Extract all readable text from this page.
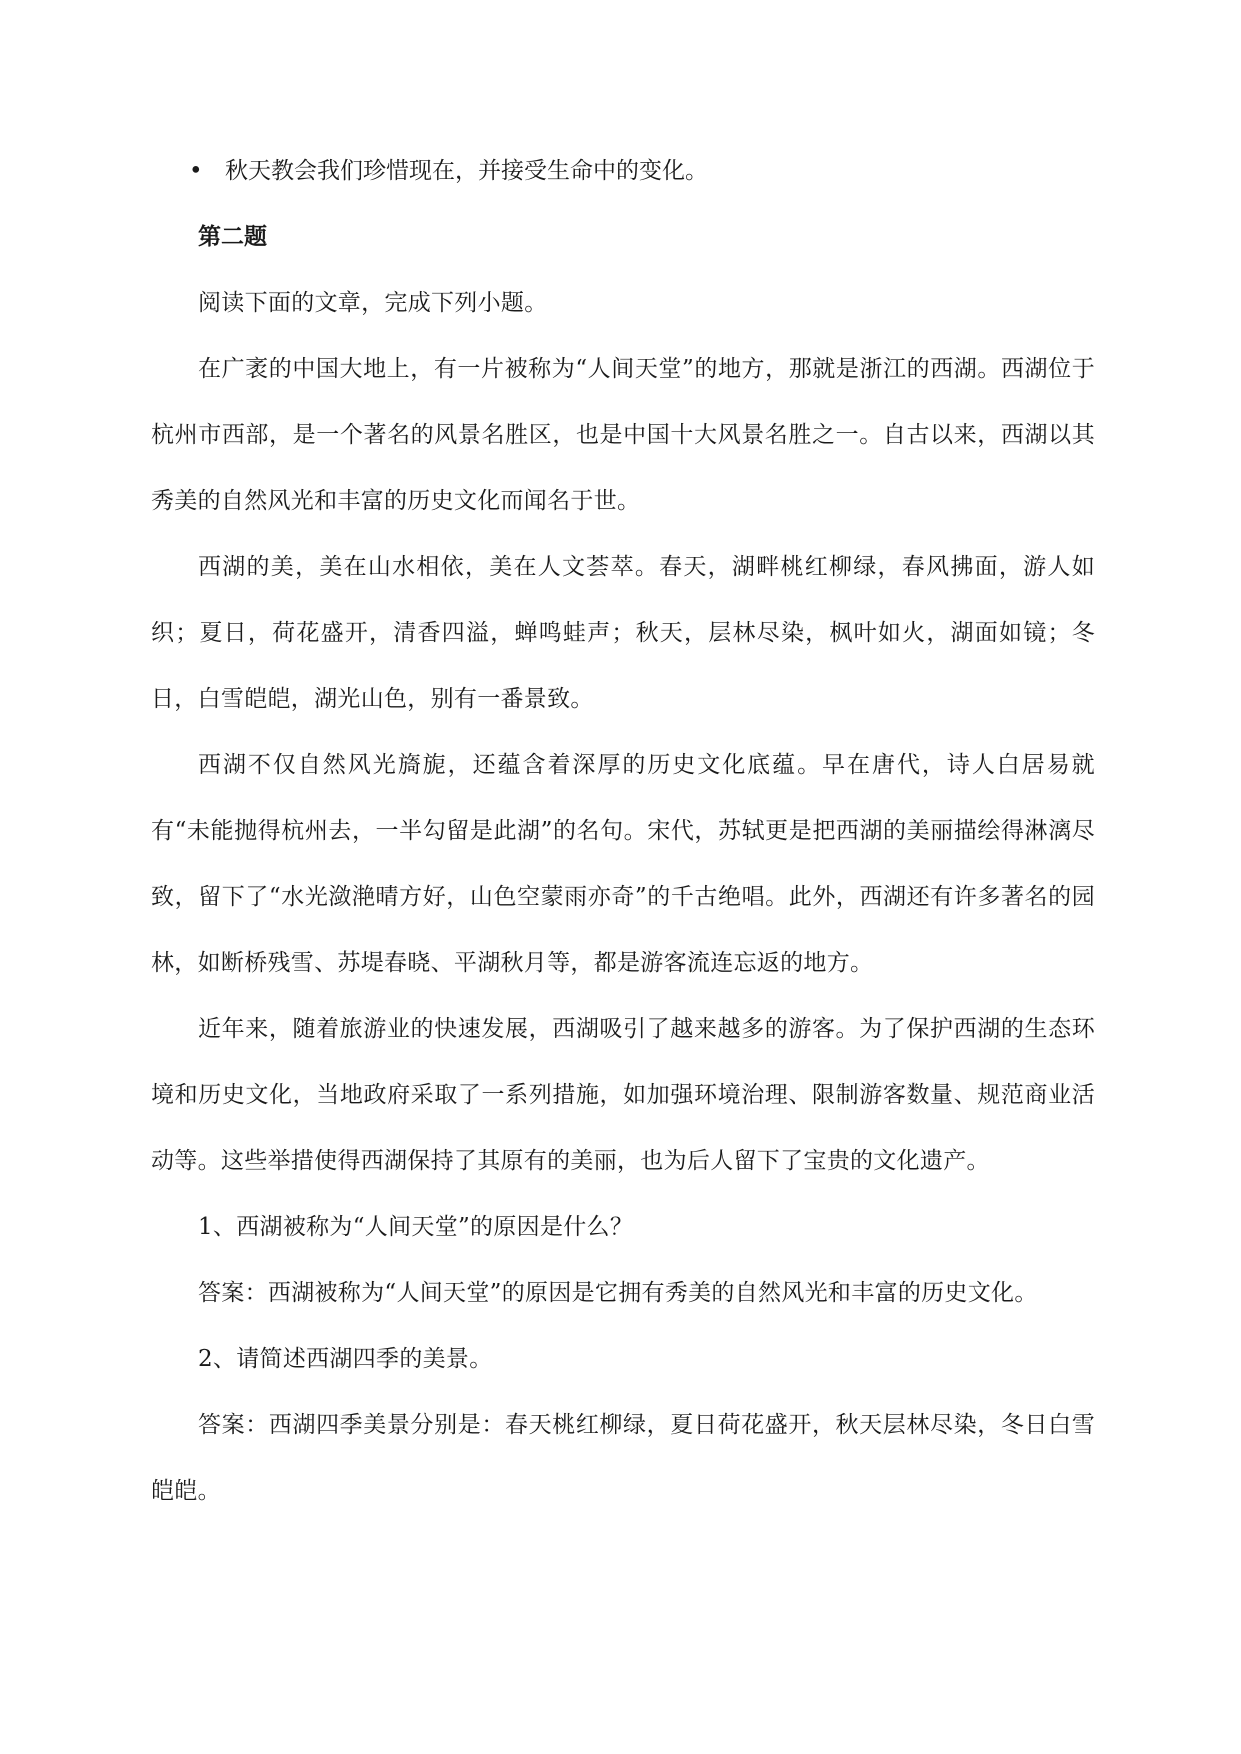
• 秋天教会我们珍惜现在，并接受生命中的变化。
第二题

阅读下面的文章，完成下列小题。

在广袤的中国大地上，有一片被称为“人间天堂”的地方，那就是浙江的西湖。西湖位于杭州市西部，是一个著名的风景名胜区，也是中国十大风景名胜之一。自古以来，西湖以其秀美的自然风光和丰富的历史文化而闻名于世。

西湖的美，美在山水相依，美在人文荟萃。春天，湖畔桃红柳绿，春风拂面，游人如织；夏日，荷花盛开，清香四溢，蝉鸣蛙声；秋天，层林尽染，枫叶如火，湖面如镜；冬日，白雪皑皑，湖光山色，别有一番景致。

西湖不仅自然风光旖旎，还蕴含着深厚的历史文化底蕴。早在唐代，诗人白居易就有“未能抛得杭州去，一半勾留是此湖”的名句。宋代，苏轼更是把西湖的美丽描绘得淋漓尽致，留下了“水光潋滟晴方好，山色空蒙雨亦奇”的千古绝唱。此外，西湖还有许多著名的园林，如断桥残雪、苏堤春晓、平湖秋月等，都是游客流连忘返的地方。

近年来，随着旅游业的快速发展，西湖吸引了越来越多的游客。为了保护西湖的生态环境和历史文化，当地政府采取了一系列措施，如加强环境治理、限制游客数量、规范商业活动等。这些举措使得西湖保持了其原有的美丽，也为后人留下了宝贵的文化遗产。

1、西湖被称为“人间天堂”的原因是什么？

答案：西湖被称为“人间天堂”的原因是它拥有秀美的自然风光和丰富的历史文化。

2、请简述西湖四季的美景。

答案：西湖四季美景分别是：春天桃红柳绿，夏日荷花盛开，秋天层林尽染，冬日白雪皑皑。
